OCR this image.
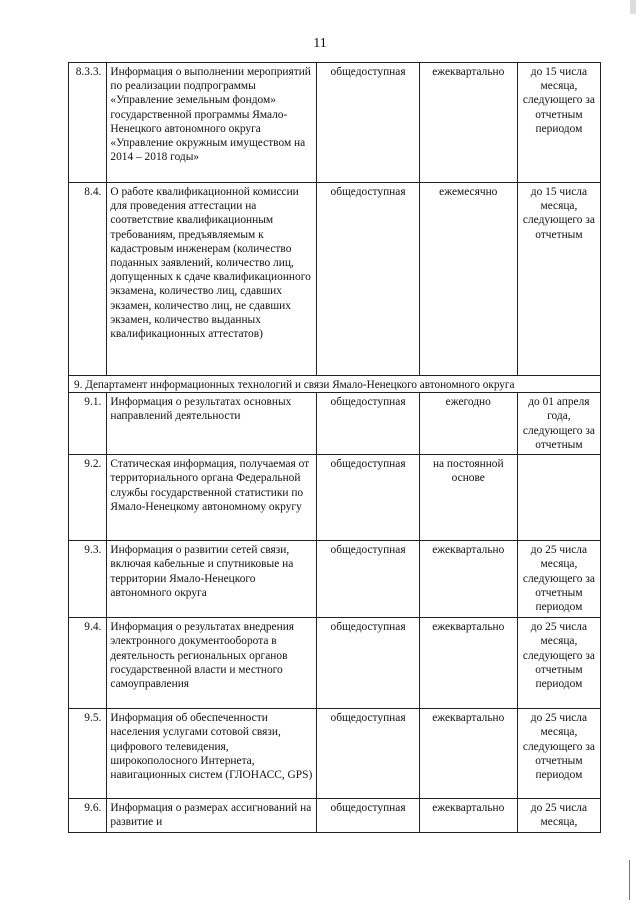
11
8.3.3.	Информация о выполнении мероприятий по реализации подпрограммы «Управление земельным фондом» государственной программы Ямало-Ненецкого автономного округа «Управление окружным имуществом на 2014 – 2018 годы»	общедоступная	ежеквартально	до 15 числа месяца, следующего за отчетным периодом
8.4.	О работе квалификационной комиссии для проведения аттестации на соответствие квалификационным требованиям, предъявляемым к кадастровым инженерам (количество поданных заявлений, количество лиц, допущенных к сдаче квалификационного экзамена, количество лиц, сдавших экзамен, количество лиц, не сдавших экзамен, количество выданных квалификационных аттестатов)	общедоступная	ежемесячно	до 15 числа месяца, следующего за отчетным
9. Департамент информационных технологий и связи Ямало-Ненецкого автономного округа				
9.1.	Информация о результатах основных направлений деятельности	общедоступная	ежегодно	до 01 апреля года, следующего за отчетным
9.2.	Статическая информация, получаемая от территориального органа Федеральной службы государственной статистики по Ямало-Ненецкому автономному округу	общедоступная	на постоянной основе	
9.3.	Информация о развитии сетей связи, включая кабельные и спутниковые на территории Ямало-Ненецкого автономного округа	общедоступная	ежеквартально	до 25 числа месяца, следующего за отчетным периодом
9.4.	Информация о результатах внедрения электронного документооборота в деятельность региональных органов государственной власти и местного самоуправления	общедоступная	ежеквартально	до 25 числа месяца, следующего за отчетным периодом
9.5.	Информация об обеспеченности населения услугами сотовой связи, цифрового телевидения, широкополосного Интернета, навигационных систем (ГЛОНАСС, GPS)	общедоступная	ежеквартально	до 25 числа месяца, следующего за отчетным периодом
9.6.	Информация о размерах ассигнований на развитие и	общедоступная	ежеквартально	до 25 числа месяца,
